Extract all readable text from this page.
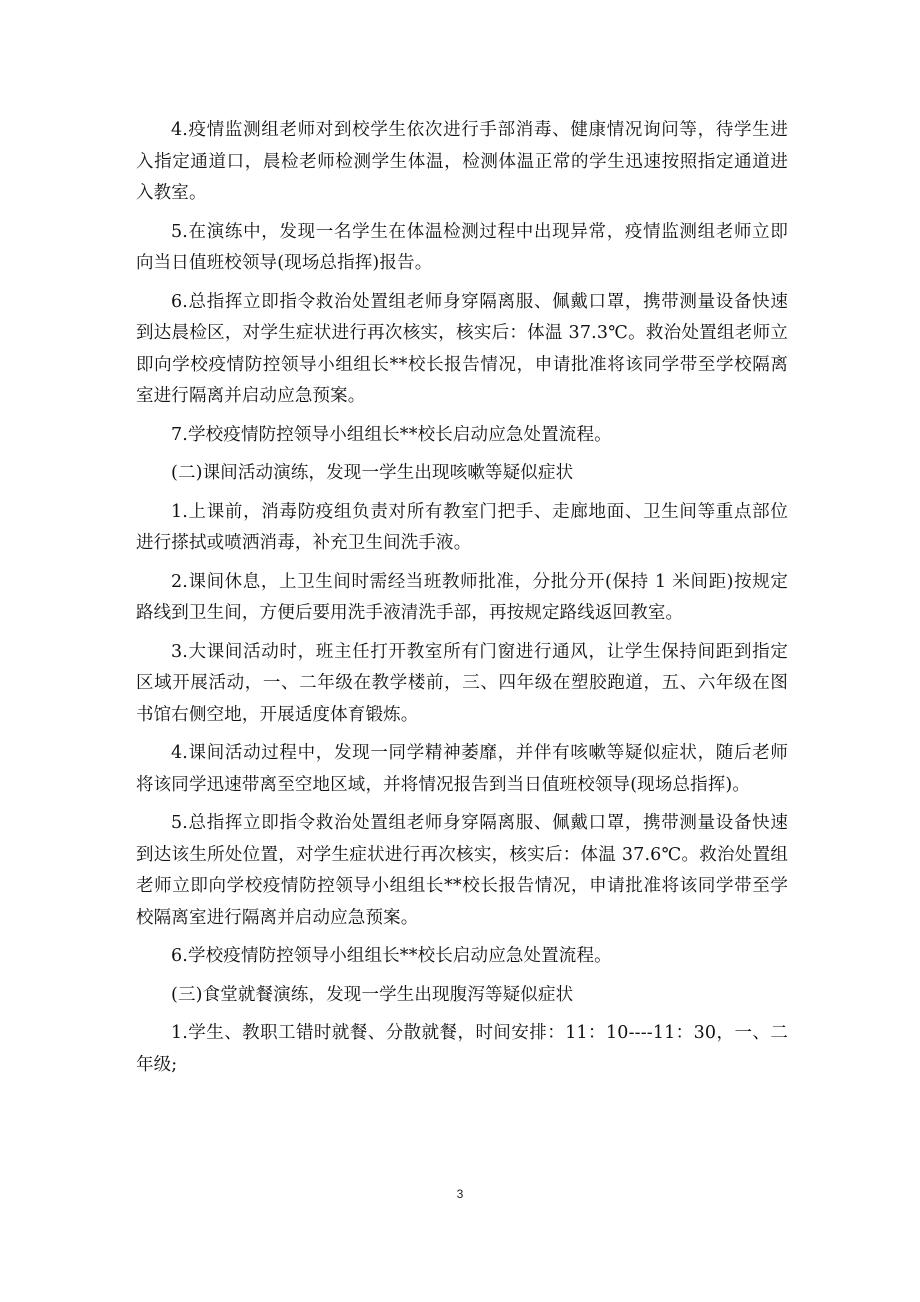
4.疫情监测组老师对到校学生依次进行手部消毒、健康情况询问等，待学生进入指定通道口，晨检老师检测学生体温，检测体温正常的学生迅速按照指定通道进入教室。

5.在演练中，发现一名学生在体温检测过程中出现异常，疫情监测组老师立即向当日值班校领导(现场总指挥)报告。

6.总指挥立即指令救治处置组老师身穿隔离服、佩戴口罩，携带测量设备快速到达晨检区，对学生症状进行再次核实，核实后：体温 37.3℃。救治处置组老师立即向学校疫情防控领导小组组长**校长报告情况，申请批准将该同学带至学校隔离室进行隔离并启动应急预案。

7.学校疫情防控领导小组组长**校长启动应急处置流程。

(二)课间活动演练，发现一学生出现咳嗽等疑似症状

1.上课前，消毒防疫组负责对所有教室门把手、走廊地面、卫生间等重点部位进行搽拭或喷洒消毒，补充卫生间洗手液。

2.课间休息，上卫生间时需经当班教师批准，分批分开(保持 1 米间距)按规定路线到卫生间，方便后要用洗手液清洗手部，再按规定路线返回教室。

3.大课间活动时，班主任打开教室所有门窗进行通风，让学生保持间距到指定区域开展活动，一、二年级在教学楼前，三、四年级在塑胶跑道，五、六年级在图书馆右侧空地，开展适度体育锻炼。

4.课间活动过程中，发现一同学精神萎靡，并伴有咳嗽等疑似症状，随后老师将该同学迅速带离至空地区域，并将情况报告到当日值班校领导(现场总指挥)。

5.总指挥立即指令救治处置组老师身穿隔离服、佩戴口罩，携带测量设备快速到达该生所处位置，对学生症状进行再次核实，核实后：体温 37.6℃。救治处置组老师立即向学校疫情防控领导小组组长**校长报告情况，申请批准将该同学带至学校隔离室进行隔离并启动应急预案。

6.学校疫情防控领导小组组长**校长启动应急处置流程。

(三)食堂就餐演练，发现一学生出现腹泻等疑似症状

1.学生、教职工错时就餐、分散就餐，时间安排：11：10----11：30，一、二年级;

3
